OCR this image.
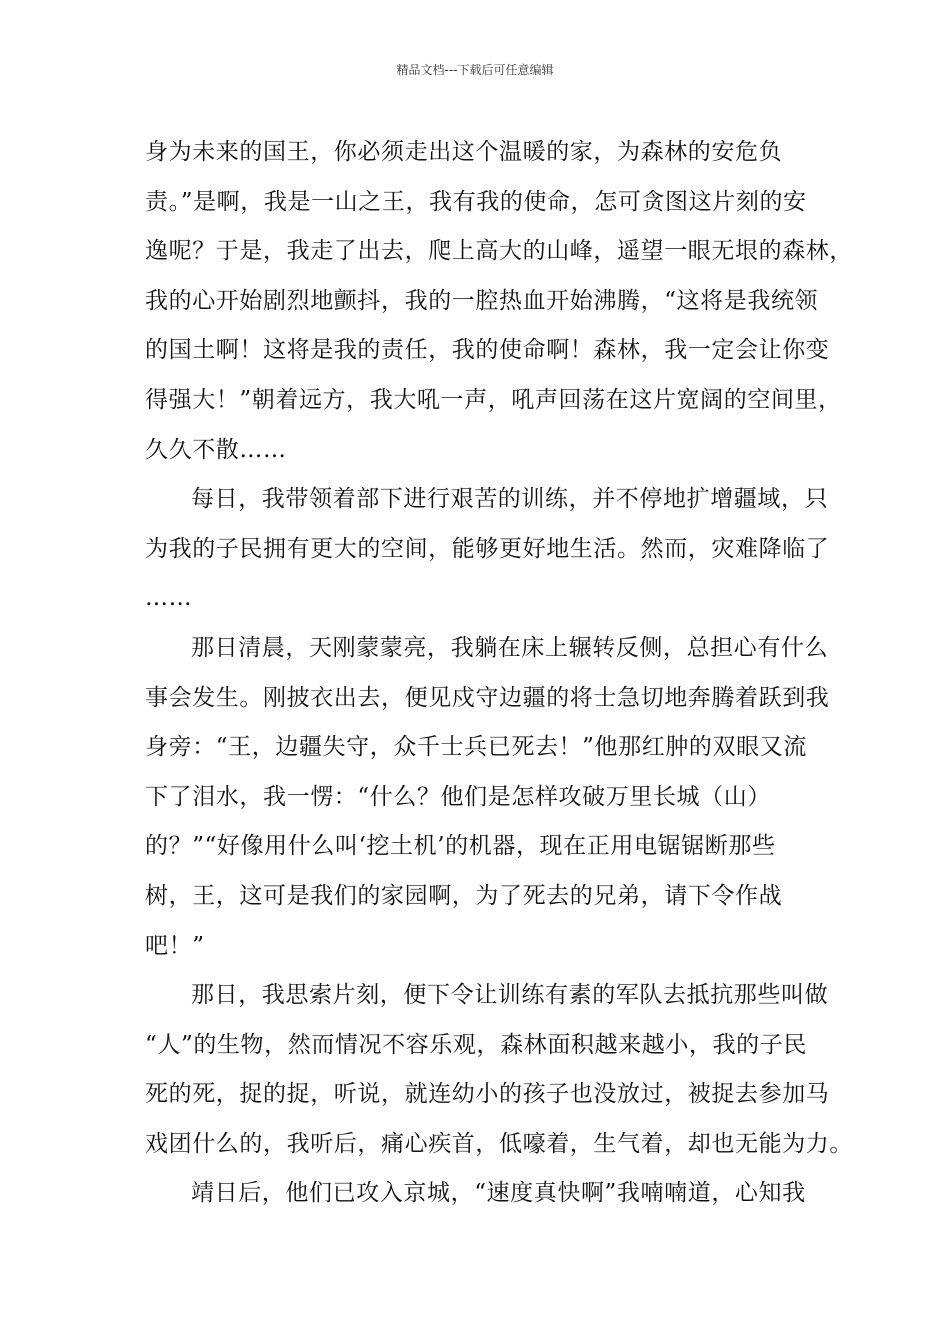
精品文档---下载后可任意编辑
身为未来的国王，你必须走出这个温暖的家，为森林的安危负
责。”是啊，我是一山之王，我有我的使命，怎可贪图这片刻的安
逸呢？于是，我走了出去，爬上高大的山峰，遥望一眼无垠的森林，
我的心开始剧烈地颤抖，我的一腔热血开始沸腾，“这将是我统领
的国土啊！这将是我的责任，我的使命啊！森林，我一定会让你变
得强大！”朝着远方，我大吼一声，吼声回荡在这片宽阔的空间里，
久久不散……
每日，我带领着部下进行艰苦的训练，并不停地扩增疆域，只
为我的子民拥有更大的空间，能够更好地生活。然而，灾难降临了
……
那日清晨，天刚蒙蒙亮，我躺在床上辗转反侧，总担心有什么
事会发生。刚披衣出去，便见戍守边疆的将士急切地奔腾着跃到我
身旁：“王，边疆失守，众千士兵已死去！”他那红肿的双眼又流
下了泪水，我一愣：“什么？他们是怎样攻破万里长城（山）
的？”“好像用什么叫‘挖土机’的机器，现在正用电锯锯断那些
树，王，这可是我们的家园啊，为了死去的兄弟，请下令作战
吧！”
那日，我思索片刻，便下令让训练有素的军队去抵抗那些叫做
“人”的生物，然而情况不容乐观，森林面积越来越小，我的子民
死的死，捉的捉，听说，就连幼小的孩子也没放过，被捉去参加马
戏团什么的，我听后，痛心疾首，低嚎着，生气着，却也无能为力。
靖日后，他们已攻入京城，“速度真快啊”我喃喃道，心知我
